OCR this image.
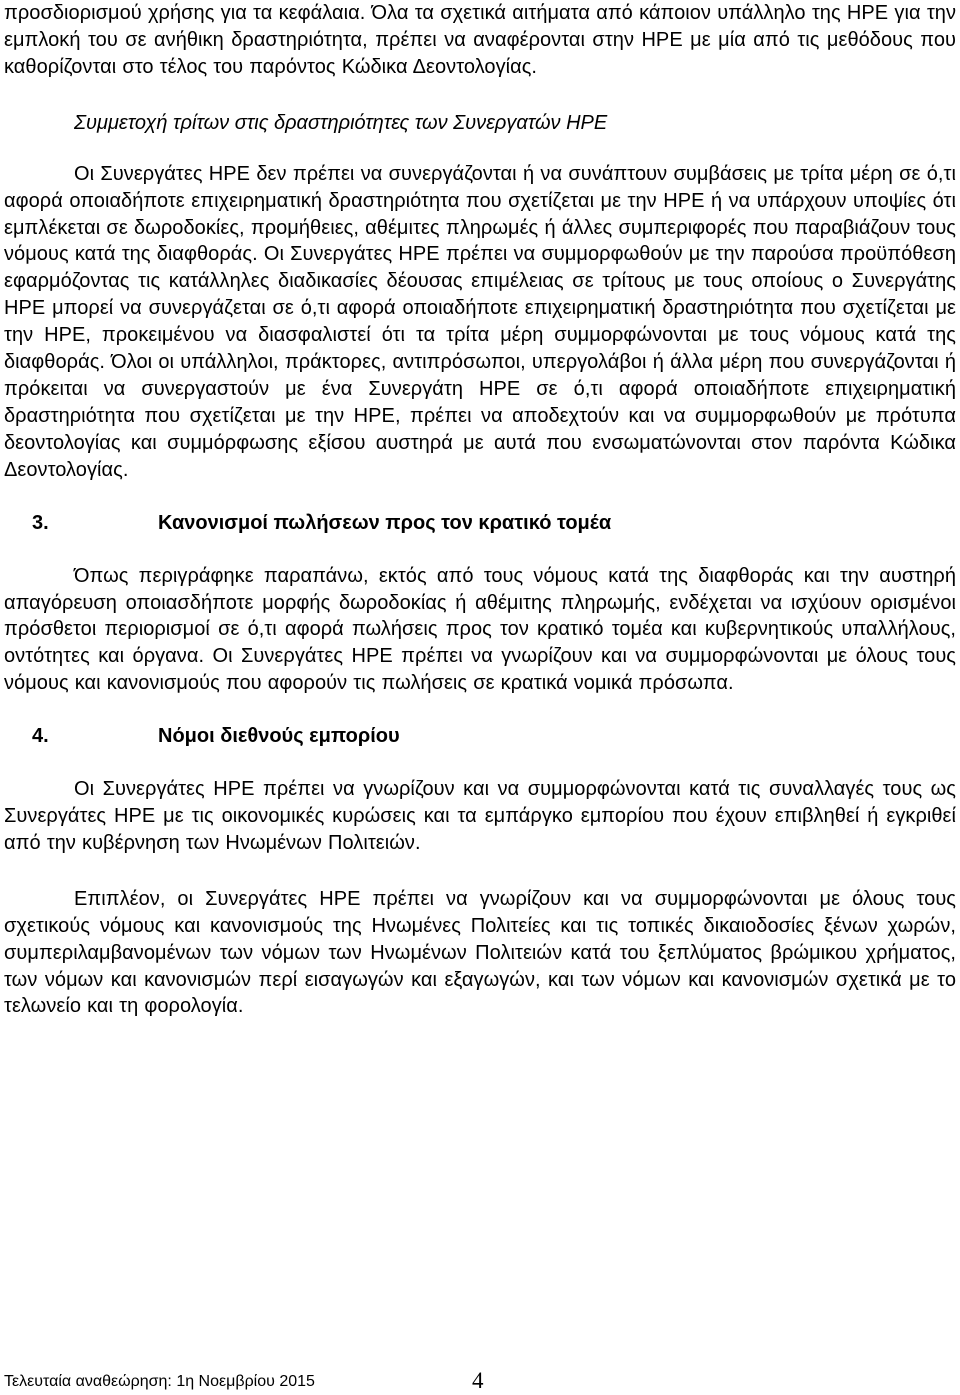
προσδιορισμού χρήσης για τα κεφάλαια. Όλα τα σχετικά αιτήματα από κάποιον υπάλληλο της HPE για την εμπλοκή του σε ανήθικη δραστηριότητα, πρέπει να αναφέρονται στην HPE με μία από τις μεθόδους που καθορίζονται στο τέλος του παρόντος Κώδικα Δεοντολογίας.

Συμμετοχή τρίτων στις δραστηριότητες των Συνεργατών HPE

Οι Συνεργάτες HPE δεν πρέπει να συνεργάζονται ή να συνάπτουν συμβάσεις με τρίτα μέρη σε ό,τι αφορά οποιαδήποτε επιχειρηματική δραστηριότητα που σχετίζεται με την HPE ή να υπάρχουν υποψίες ότι εμπλέκεται σε δωροδοκίες, προμήθειες, αθέμιτες πληρωμές ή άλλες συμπεριφορές που παραβιάζουν τους νόμους κατά της διαφθοράς. Οι Συνεργάτες HPE πρέπει να συμμορφωθούν με την παρούσα προϋπόθεση εφαρμόζοντας τις κατάλληλες διαδικασίες δέουσας επιμέλειας σε τρίτους με τους οποίους ο Συνεργάτης HPE μπορεί να συνεργάζεται σε ό,τι αφορά οποιαδήποτε επιχειρηματική δραστηριότητα που σχετίζεται με την HPE, προκειμένου να διασφαλιστεί ότι τα τρίτα μέρη συμμορφώνονται με τους νόμους κατά της διαφθοράς. Όλοι οι υπάλληλοι, πράκτορες, αντιπρόσωποι, υπεργολάβοι ή άλλα μέρη που συνεργάζονται ή πρόκειται να συνεργαστούν με ένα Συνεργάτη HPE σε ό,τι αφορά οποιαδήποτε επιχειρηματική δραστηριότητα που σχετίζεται με την HPE, πρέπει να αποδεχτούν και να συμμορφωθούν με πρότυπα δεοντολογίας και συμμόρφωσης εξίσου αυστηρά με αυτά που ενσωματώνονται στον παρόντα Κώδικα Δεοντολογίας.

3.	Κανονισμοί πωλήσεων προς τον κρατικό τομέα

Όπως περιγράφηκε παραπάνω, εκτός από τους νόμους κατά της διαφθοράς και την αυστηρή απαγόρευση οποιασδήποτε μορφής δωροδοκίας ή αθέμιτης πληρωμής, ενδέχεται να ισχύουν ορισμένοι πρόσθετοι περιορισμοί σε ό,τι αφορά πωλήσεις προς τον κρατικό τομέα και κυβερνητικούς υπαλλήλους, οντότητες και όργανα. Οι Συνεργάτες HPE πρέπει να γνωρίζουν και να συμμορφώνονται με όλους τους νόμους και κανονισμούς που αφορούν τις πωλήσεις σε κρατικά νομικά πρόσωπα.

4.	Νόμοι διεθνούς εμπορίου

Οι Συνεργάτες HPE πρέπει να γνωρίζουν και να συμμορφώνονται κατά τις συναλλαγές τους ως Συνεργάτες HPE με τις οικονομικές κυρώσεις και τα εμπάργκο εμπορίου που έχουν επιβληθεί ή εγκριθεί από την κυβέρνηση των Ηνωμένων Πολιτειών.

Επιπλέον, οι Συνεργάτες HPE πρέπει να γνωρίζουν και να συμμορφώνονται με όλους τους σχετικούς νόμους και κανονισμούς της Ηνωμένες Πολιτείες και τις τοπικές δικαιοδοσίες ξένων χωρών, συμπεριλαμβανομένων των νόμων των Ηνωμένων Πολιτειών κατά του ξεπλύματος βρώμικου χρήματος, των νόμων και κανονισμών περί εισαγωγών και εξαγωγών, και των νόμων και κανονισμών σχετικά με το τελωνείο και τη φορολογία.

Τελευταία αναθεώρηση: 1η Νοεμβρίου 2015	4
